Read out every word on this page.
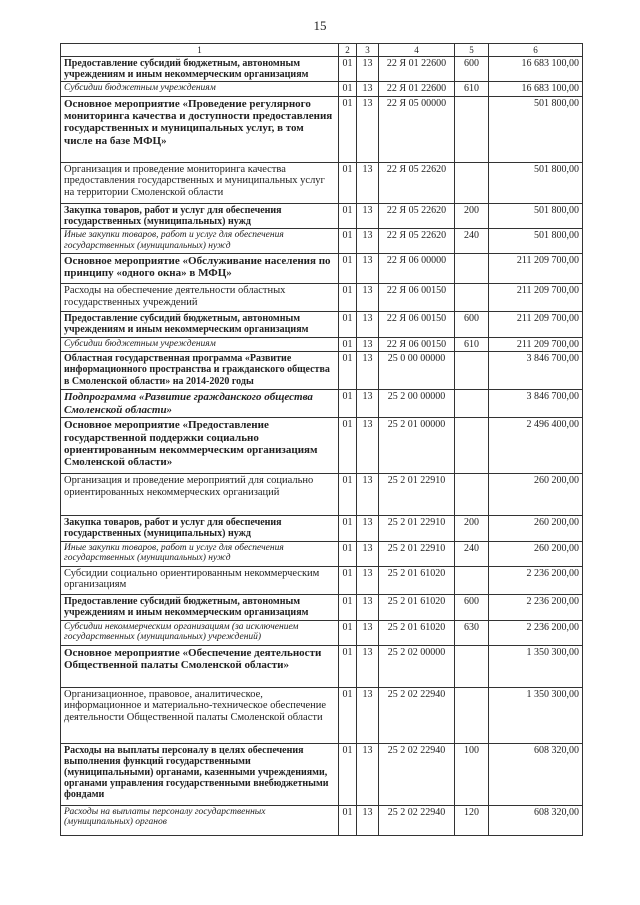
15
1	2	3	4	5	6
Предоставление субсидий бюджетным, автономным учреждениям и иным некоммерческим организациям	01	13	22 Я 01 22600	600	16 683 100,00
Субсидии бюджетным учреждениям	01	13	22 Я 01 22600	610	16 683 100,00
Основное мероприятие «Проведение регулярного мониторинга качества и доступности предоставления государственных и муниципальных услуг, в том числе на базе МФЦ»	01	13	22 Я 05 00000		501 800,00
Организация и проведение мониторинга качества предоставления государственных и муниципальных услуг на территории Смоленской области	01	13	22 Я 05 22620		501 800,00
Закупка товаров, работ и услуг для обеспечения государственных (муниципальных) нужд	01	13	22 Я 05 22620	200	501 800,00
Иные закупки товаров, работ и услуг для обеспечения государственных (муниципальных) нужд	01	13	22 Я 05 22620	240	501 800,00
Основное мероприятие «Обслуживание населения по принципу «одного окна» в МФЦ»	01	13	22 Я 06 00000		211 209 700,00
Расходы на обеспечение деятельности областных государственных учреждений	01	13	22 Я 06 00150		211 209 700,00
Предоставление субсидий бюджетным, автономным учреждениям и иным некоммерческим организациям	01	13	22 Я 06 00150	600	211 209 700,00
Субсидии бюджетным учреждениям	01	13	22 Я 06 00150	610	211 209 700,00
Областная государственная программа «Развитие информационного пространства и гражданского общества в Смоленской области» на 2014-2020 годы	01	13	25 0 00 00000		3 846 700,00
Подпрограмма «Развитие гражданского общества Смоленской области»	01	13	25 2 00 00000		3 846 700,00
Основное мероприятие «Предоставление государственной поддержки социально ориентированным некоммерческим организациям Смоленской области»	01	13	25 2 01 00000		2 496 400,00
Организация и проведение мероприятий для социально ориентированных некоммерческих организаций	01	13	25 2 01 22910		260 200,00
Закупка товаров, работ и услуг для обеспечения государственных (муниципальных) нужд	01	13	25 2 01 22910	200	260 200,00
Иные закупки товаров, работ и услуг для обеспечения государственных (муниципальных) нужд	01	13	25 2 01 22910	240	260 200,00
Субсидии социально ориентированным некоммерческим организациям	01	13	25 2 01 61020		2 236 200,00
Предоставление субсидий бюджетным, автономным учреждениям и иным некоммерческим организациям	01	13	25 2 01 61020	600	2 236 200,00
Субсидии некоммерческим организациям (за исключением государственных (муниципальных) учреждений)	01	13	25 2 01 61020	630	2 236 200,00
Основное мероприятие «Обеспечение деятельности Общественной палаты Смоленской области»	01	13	25 2 02 00000		1 350 300,00
Организационное, правовое, аналитическое, информационное и материально-техническое обеспечение деятельности Общественной палаты Смоленской области	01	13	25 2 02 22940		1 350 300,00
Расходы на выплаты персоналу в целях обеспечения выполнения функций государственными (муниципальными) органами, казенными учреждениями, органами управления государственными внебюджетными фондами	01	13	25 2 02 22940	100	608 320,00
Расходы на выплаты персоналу государственных (муниципальных) органов	01	13	25 2 02 22940	120	608 320,00
